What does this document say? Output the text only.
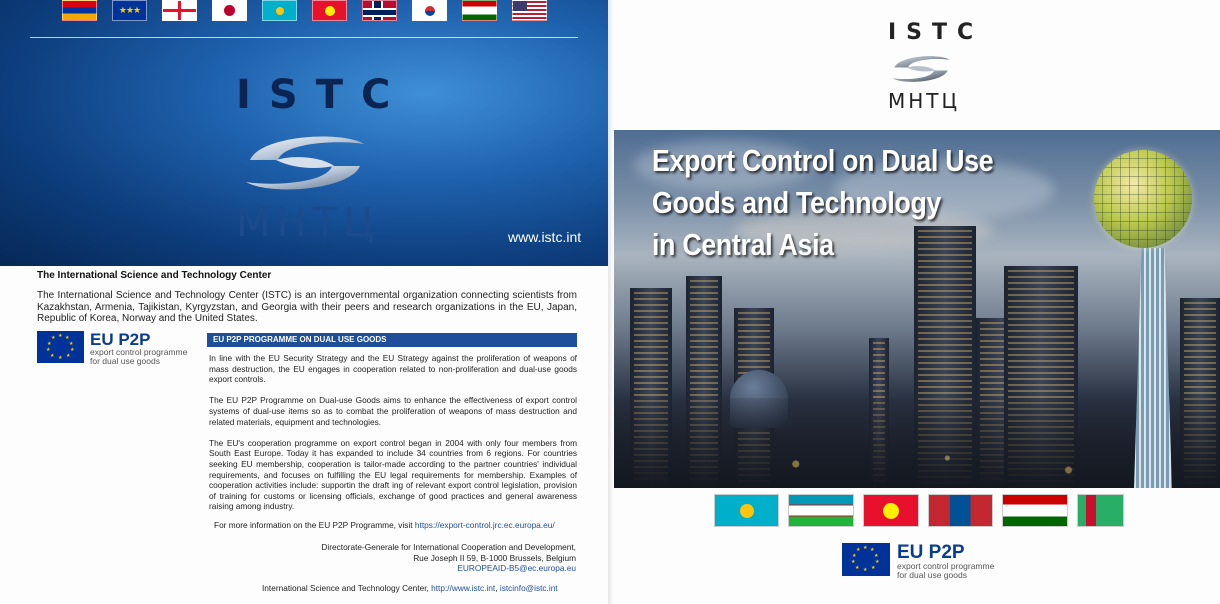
★★★
ISTC
МНТЦ	www.istc.int
The International Science and Technology Center
The International Science and Technology Center (ISTC) is an intergovernmental organization connecting scientists from Kazakhstan, Armenia, Tajikistan, Kyrgyzstan, and Georgia with their peers and research organizations in the EU, Japan, Republic of Korea, Norway and the United States.
★ ★
★
★
★
★
★
★
★
★ EU P2P
export control programme
for dual use goods
EU P2P PROGRAMME ON DUAL USE GOODS

In line with the EU Security Strategy and the EU Strategy against the proliferation of weapons of mass destruction, the EU engages in cooperation related to non-proliferation and dual-use goods export controls.

The EU P2P Programme on Dual-use Goods aims to enhance the effectiveness of export control systems of dual-use items so as to combat the proliferation of weapons of mass destruction and related materials, equipment and technologies.

The EU's cooperation programme on export control began in 2004 with only four members from South East Europe. Today it has expanded to include 34 countries from 6 regions. For countries seeking EU membership, cooperation is tailor-made according to the partner countries' individual requirements, and focuses on fulfilling the EU legal requirements for membership. Examples of cooperation activities include: supportin the draft ing of relevant export control legislation, provision of training for customs or licensing officials, exchange of good practices and general awareness raising among industry.

For more information on the EU P2P Programme, visit https://export-control.jrc.ec.europa.eu/
Directorate-Generale for International Cooperation and Development,
Rue Joseph II 59, B-1000 Brussels, Belgium
EUROPEAID-B5@ec.europa.eu
International Science and Technology Center, http://www.istc.int, istcinfo@istc.int
ISTC
МНТЦ
Export Control on Dual Use
Goods and Technology
in Central Asia
★ ★
★
★
★
★
★
★
★
★ EU P2P
export control programme
for dual use goods
